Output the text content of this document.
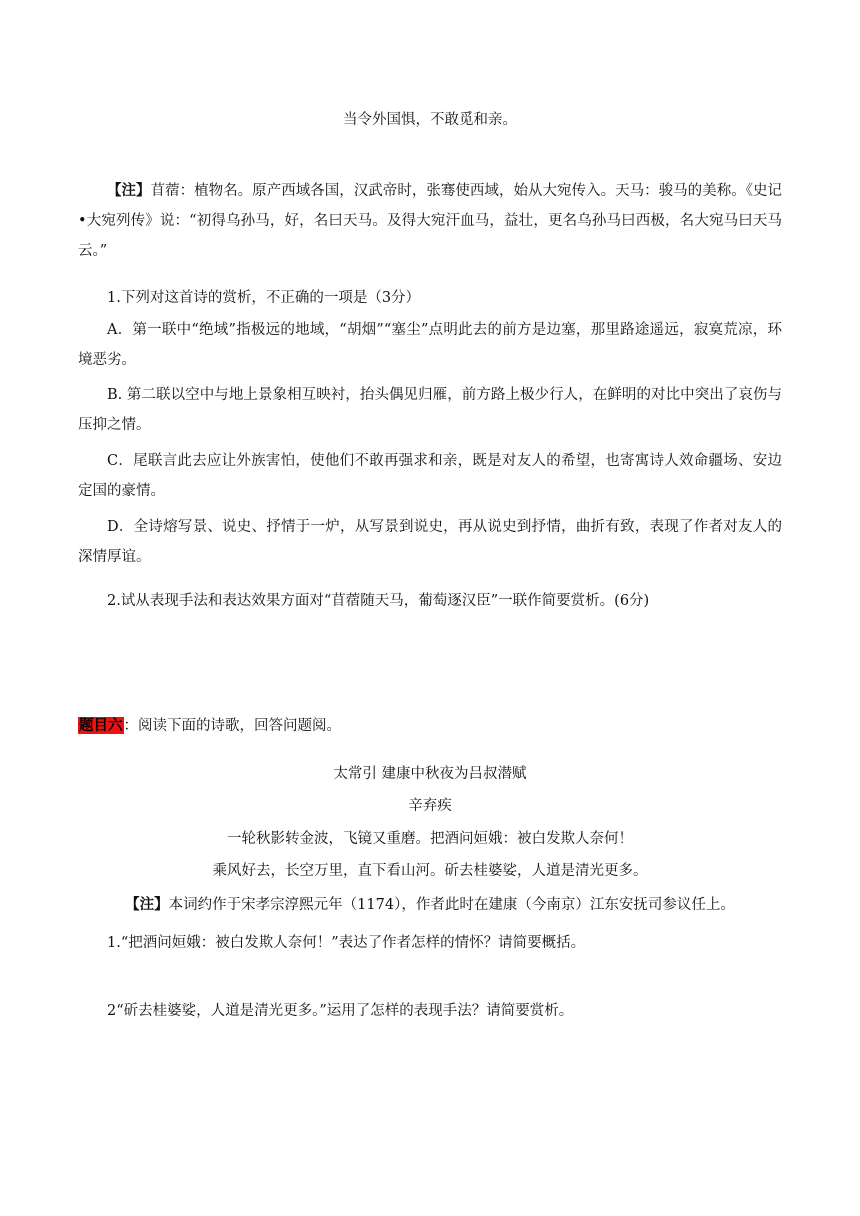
当令外国惧，不敢觅和亲。
【注】苜蓿：植物名。原产西域各国，汉武帝时，张骞使西域，始从大宛传入。天马：骏马的美称。《史记•大宛列传》说：“初得乌孙马，好，名曰天马。及得大宛汗血马，益壮，更名乌孙马曰西极，名大宛马曰天马云。”
1.下列对这首诗的赏析，不正确的一项是（3分）
A．第一联中“绝域”指极远的地域，“胡烟”“塞尘”点明此去的前方是边塞，那里路途遥远，寂寞荒凉，环境恶劣。
B. 第二联以空中与地上景象相互映衬，抬头偶见归雁，前方路上极少行人，在鲜明的对比中突出了哀伤与压抑之情。
C．尾联言此去应让外族害怕，使他们不敢再强求和亲，既是对友人的希望，也寄寓诗人效命疆场、安边定国的豪情。
D．全诗熔写景、说史、抒情于一炉，从写景到说史，再从说史到抒情，曲折有致，表现了作者对友人的深情厚谊。
2.试从表现手法和表达效果方面对“苜蓿随天马，葡萄逐汉臣”一联作简要赏析。(6分)
题目六：阅读下面的诗歌，回答问题阅。
太常引 建康中秋夜为吕叔潜赋
辛弃疾
一轮秋影转金波，飞镜又重磨。把酒问姮娥：被白发欺人奈何！
乘风好去，长空万里，直下看山河。斫去桂婆娑，人道是清光更多。
【注】本词约作于宋孝宗淳熙元年（1174），作者此时在建康（今南京）江东安抚司参议任上。
1.“把酒问姮娥：被白发欺人奈何！”表达了作者怎样的情怀？请简要概括。
2“斫去桂婆娑，人道是清光更多。”运用了怎样的表现手法？请简要赏析。
